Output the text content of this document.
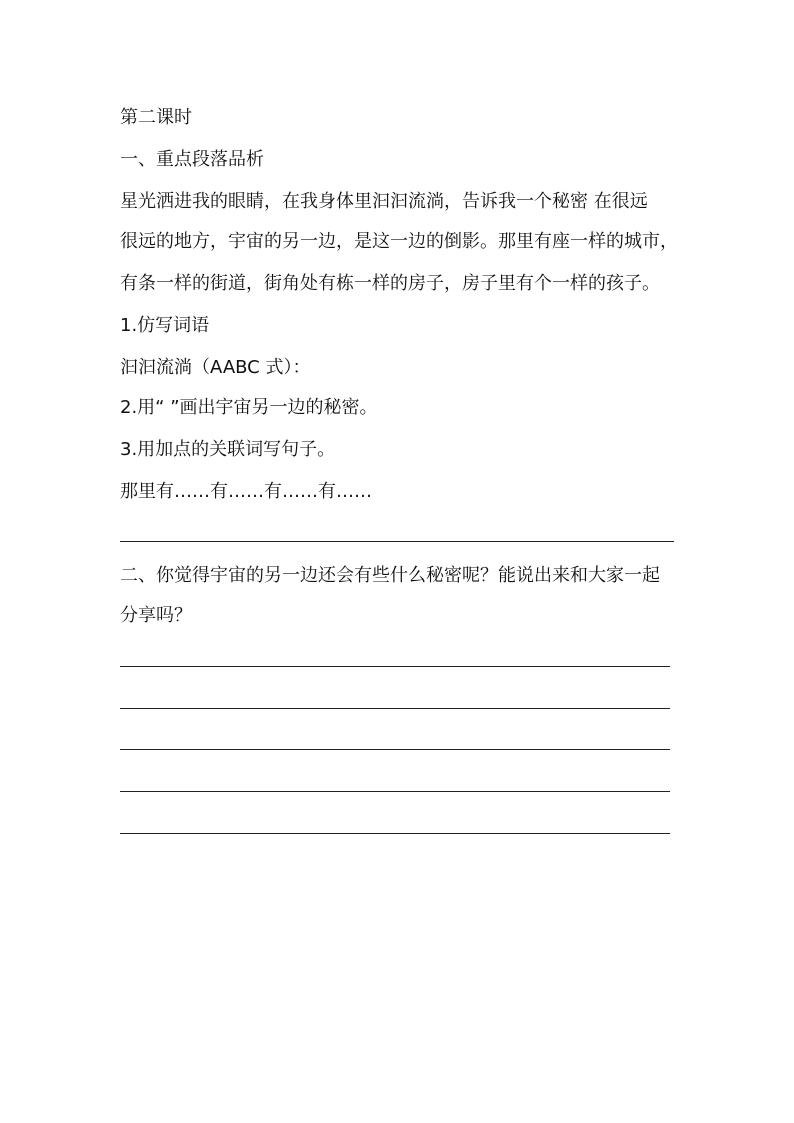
第二课时
一、重点段落品析
星光洒进我的眼睛，在我身体里汩汩流淌，告诉我一个秘密 在很远
很远的地方，宇宙的另一边，是这一边的倒影。那里有座一样的城市，
有条一样的街道，街角处有栋一样的房子，房子里有个一样的孩子。
1.仿写词语
汩汩流淌（AABC 式）：
2.用“ ”画出宇宙另一边的秘密。
3.用加点的关联词写句子。
那里有……有……有……有……
二、你觉得宇宙的另一边还会有些什么秘密呢？能说出来和大家一起
分享吗？
